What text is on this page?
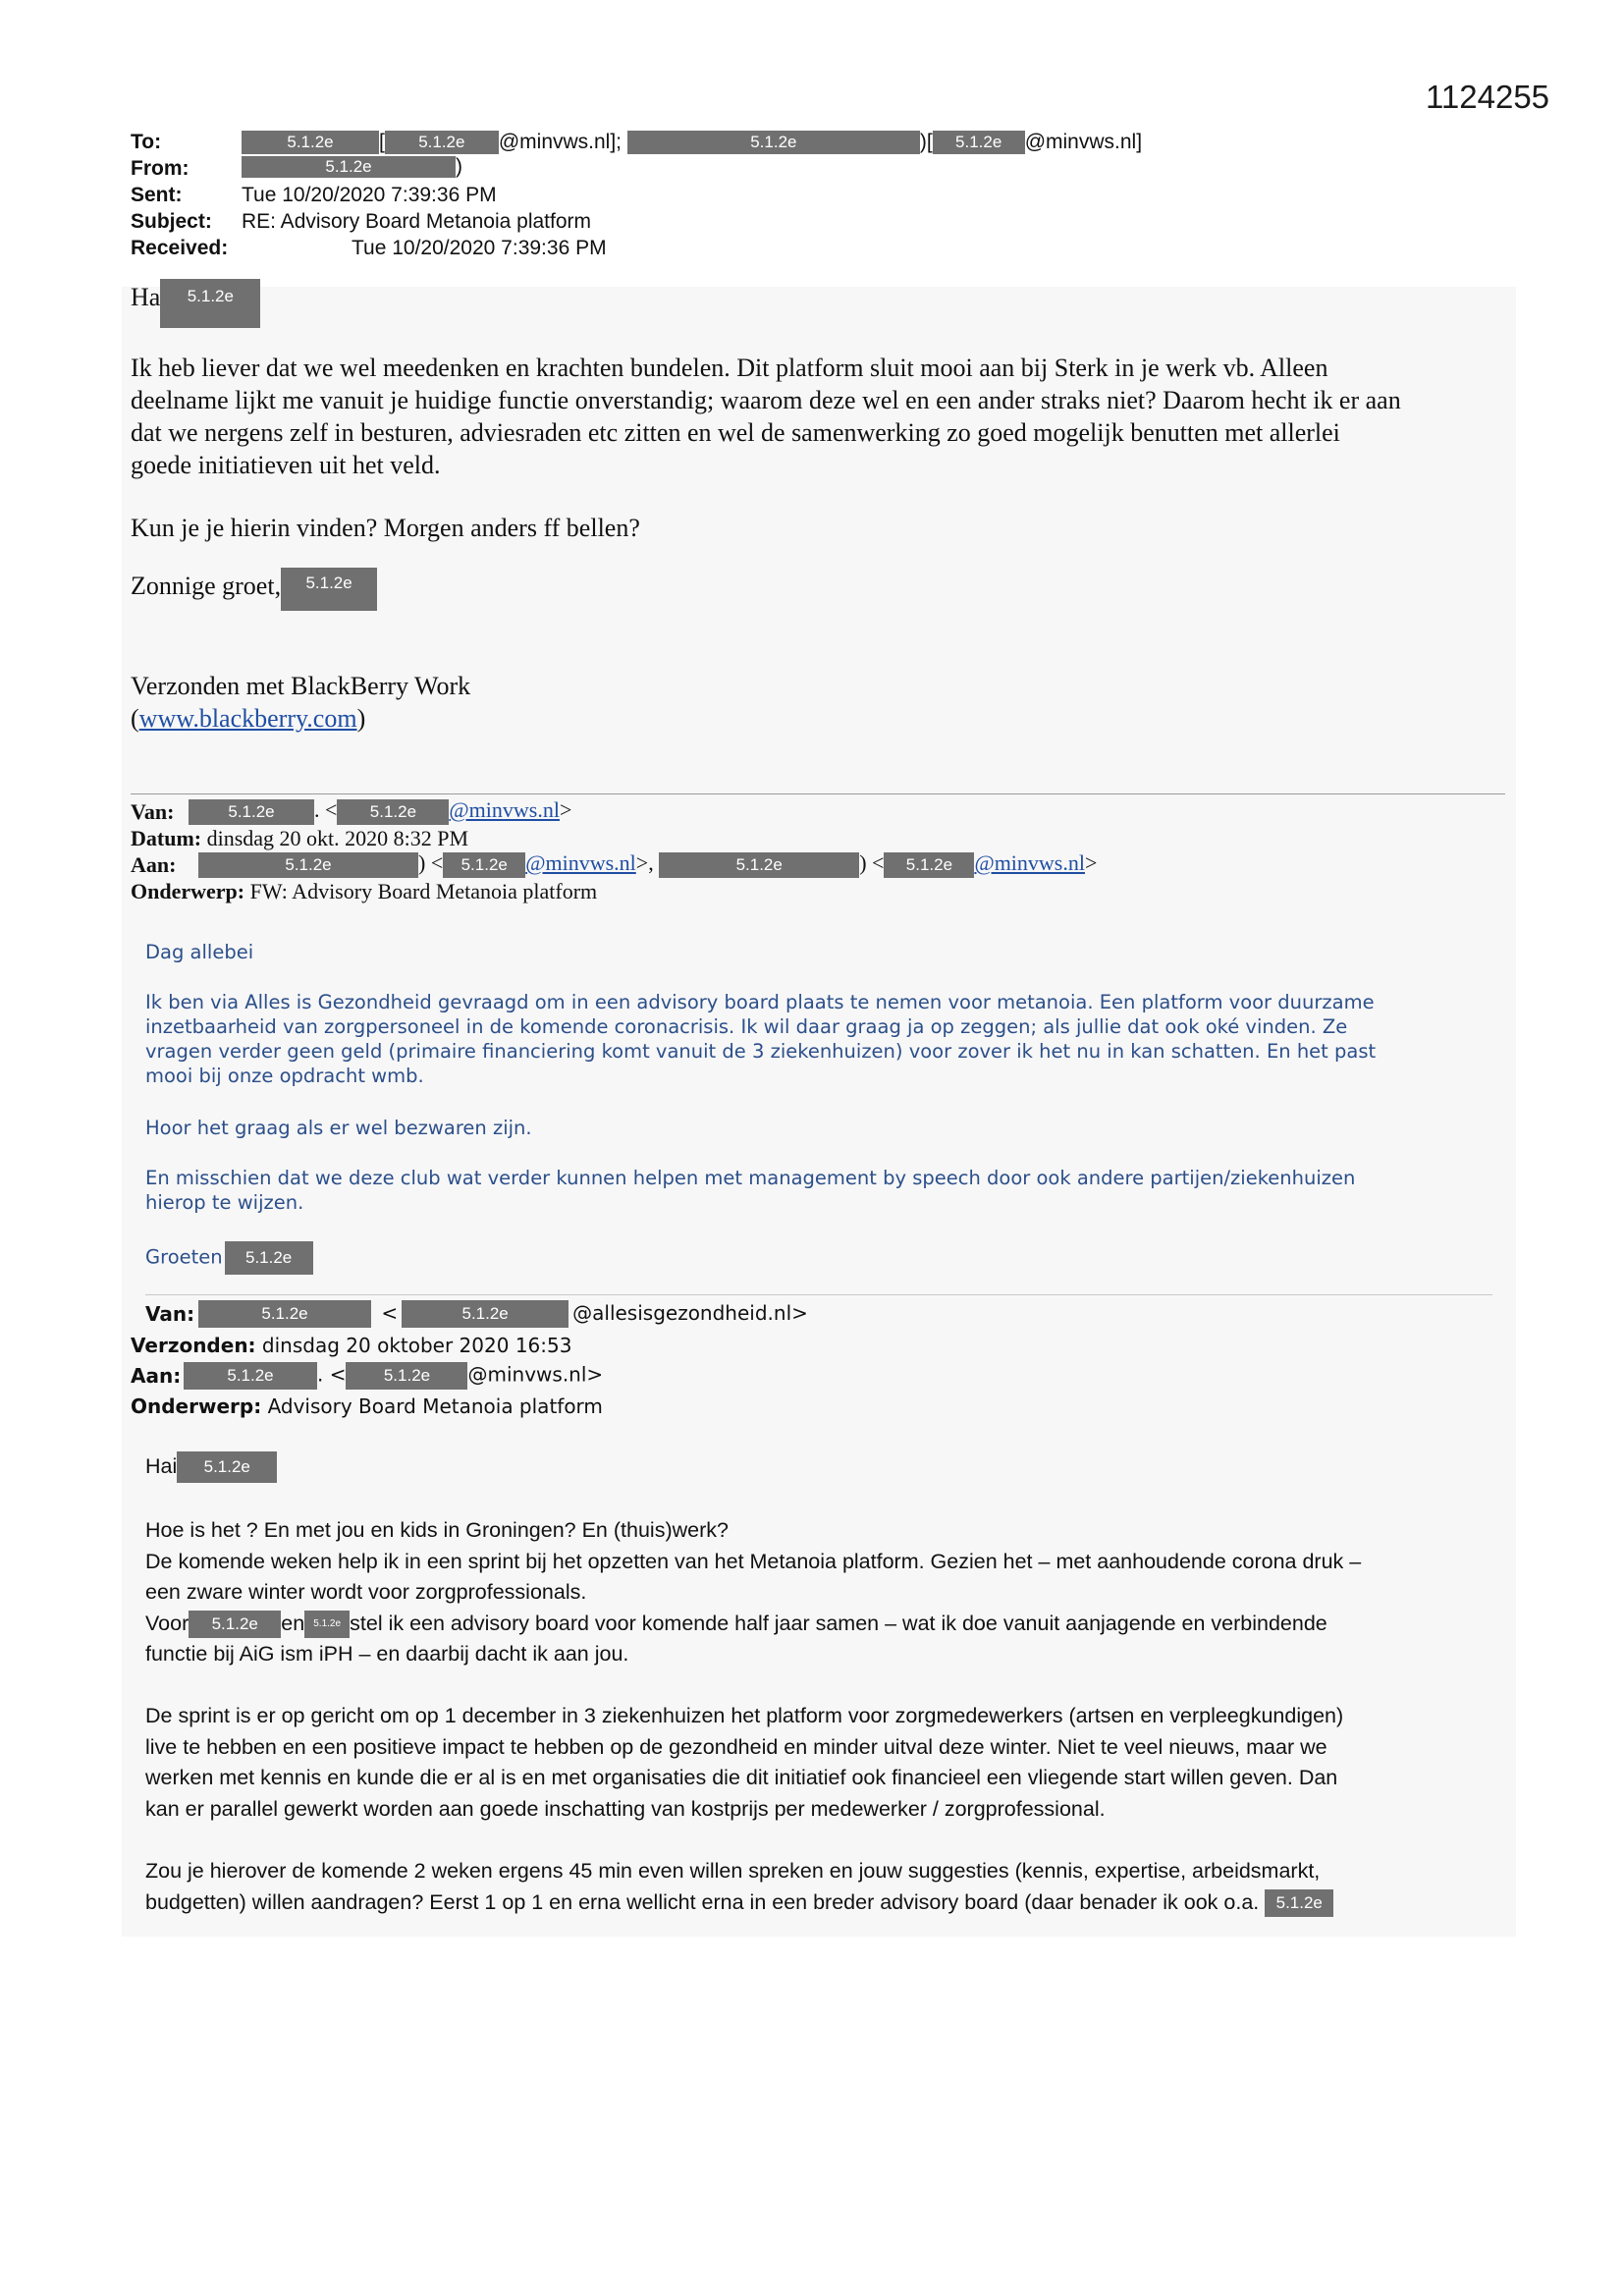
1124255
To:	5.1.2e [ 5.1.2e @minvws.nl];	5.1.2e	)[ 5.1.2e @minvws.nl]
From:	5.1.2e	)
Sent:	Tue 10/20/2020 7:39:36 PM
Subject: RE: Advisory Board Metanoia platform
Received:	Tue 10/20/2020 7:39:36 PM
Ha 5.1.2e

Ik heb liever dat we wel meedenken en krachten bundelen. Dit platform sluit mooi aan bij Sterk in je werk vb. Alleen

deelname lijkt me vanuit je huidige functie onverstandig; waarom deze wel en een ander straks niet? Daarom hecht ik er aan

dat we nergens zelf in besturen, adviesraden etc zitten en wel de samenwerking zo goed mogelijk benutten met allerlei

goede initiatieven uit het veld.

Kun je je hierin vinden? Morgen anders ff bellen?
Zonnige groet, 5.1.2e
Verzonden met BlackBerry Work
(www.blackberry.com)
Van:	5.1.2e . < 5.1.2e @minvws.nl>
Datum: dinsdag 20 okt. 2020 8:32 PM
Aan:	5.1.2e	) < 5.1.2e @minvws.nl>,	5.1.2e	) < 5.1.2e @minvws.nl>
Onderwerp: FW: Advisory Board Metanoia platform
Dag allebei

Ik ben via Alles is Gezondheid gevraagd om in een advisory board plaats te nemen voor metanoia. Een platform voor duurzame

inzetbaarheid van zorgpersoneel in de komende coronacrisis. Ik wil daar graag ja op zeggen; als jullie dat ook oké vinden. Ze

vragen verder geen geld (primaire financiering komt vanuit de 3 ziekenhuizen) voor zover ik het nu in kan schatten. En het past

mooi bij onze opdracht wmb.

Hoor het graag als er wel bezwaren zijn.

En misschien dat we deze club wat verder kunnen helpen met management by speech door ook andere partijen/ziekenhuizen

hierop te wijzen.

Groeten 5.1.2e
Van:	5.1.2e	<	5.1.2e	@allesisgezondheid.nl>
Verzonden: dinsdag 20 oktober 2020 16:53
Aan:	5.1.2e . < 5.1.2e @minvws.nl>
Onderwerp: Advisory Board Metanoia platform
Hai 5.1.2e

Hoe is het ? En met jou en kids in Groningen? En (thuis)werk?

De komende weken help ik in een sprint bij het opzetten van het Metanoia platform. Gezien het – met aanhoudende corona druk –

een zware winter wordt voor zorgprofessionals.

Voor 5.1.2e en 5.1.2e stel ik een advisory board voor komende half jaar samen – wat ik doe vanuit aanjagende en verbindende

functie bij AiG ism iPH – en daarbij dacht ik aan jou.

De sprint is er op gericht om op 1 december in 3 ziekenhuizen het platform voor zorgmedewerkers (artsen en verpleegkundigen)

live te hebben en een positieve impact te hebben op de gezondheid en minder uitval deze winter. Niet te veel nieuws, maar we

werken met kennis en kunde die er al is en met organisaties die dit initiatief ook financieel een vliegende start willen geven. Dan

kan er parallel gewerkt worden aan goede inschatting van kostprijs per medewerker / zorgprofessional.

Zou je hierover de komende 2 weken ergens 45 min even willen spreken en jouw suggesties (kennis, expertise, arbeidsmarkt,

budgetten) willen aandragen? Eerst 1 op 1 en erna wellicht erna in een breder advisory board (daar benader ik ook o.a. 5.1.2e
